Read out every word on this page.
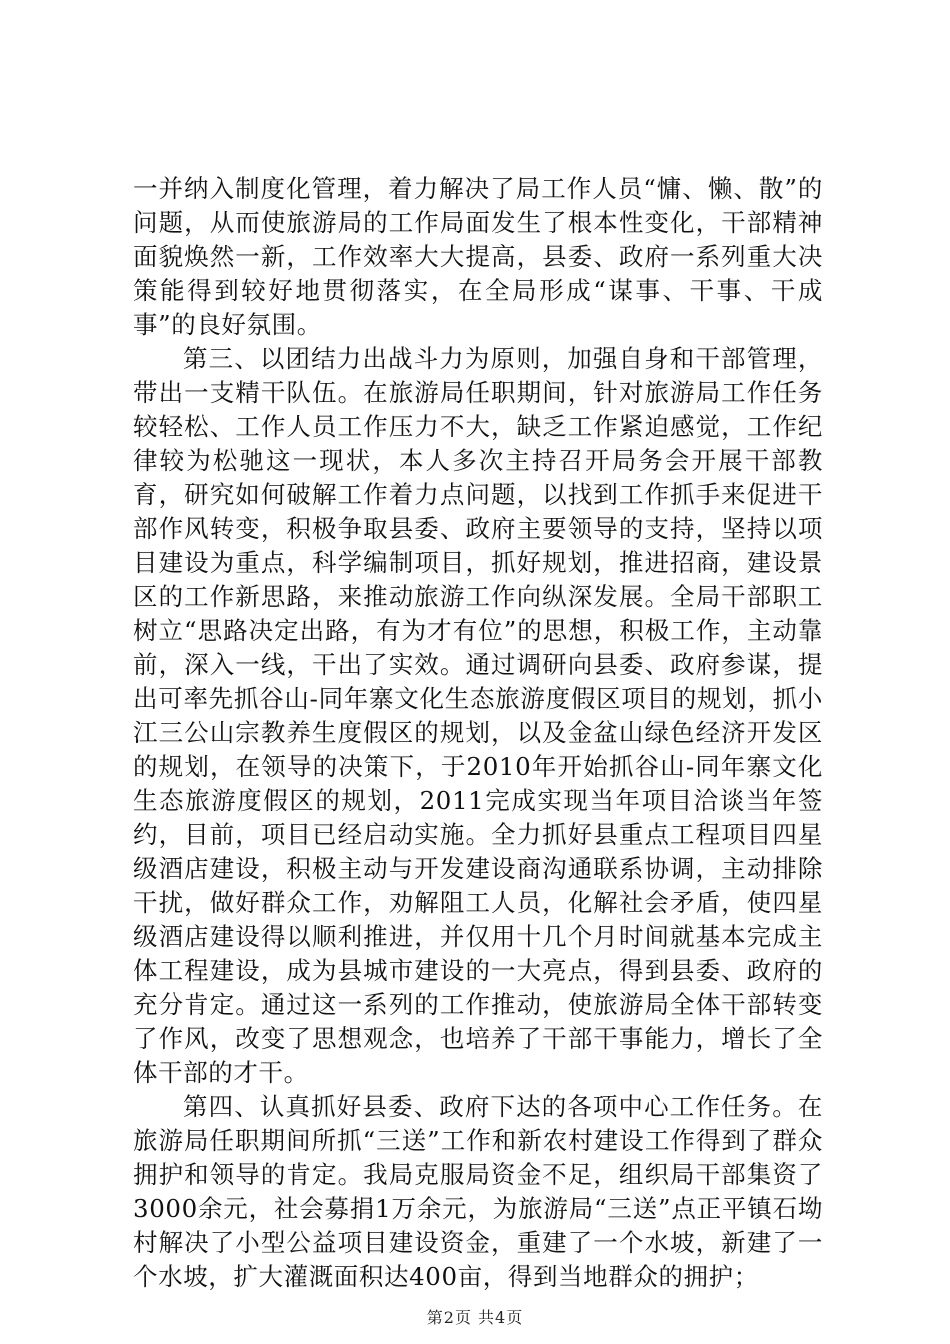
一并纳入制度化管理，着力解决了局工作人员“慵、懒、散”的问题，从而使旅游局的工作局面发生了根本性变化，干部精神面貌焕然一新，工作效率大大提高，县委、政府一系列重大决策能得到较好地贯彻落实，在全局形成“谋事、干事、干成事”的良好氛围。

第三、以团结力出战斗力为原则，加强自身和干部管理，带出一支精干队伍。在旅游局任职期间，针对旅游局工作任务较轻松、工作人员工作压力不大，缺乏工作紧迫感觉，工作纪律较为松驰这一现状，本人多次主持召开局务会开展干部教育，研究如何破解工作着力点问题，以找到工作抓手来促进干部作风转变，积极争取县委、政府主要领导的支持，坚持以项目建设为重点，科学编制项目，抓好规划，推进招商，建设景区的工作新思路，来推动旅游工作向纵深发展。全局干部职工树立“思路决定出路，有为才有位”的思想，积极工作，主动靠前，深入一线，干出了实效。通过调研向县委、政府参谋，提出可率先抓谷山-同年寨文化生态旅游度假区项目的规划，抓小江三公山宗教养生度假区的规划，以及金盆山绿色经济开发区的规划，在领导的决策下，于2010年开始抓谷山-同年寨文化生态旅游度假区的规划，2011完成实现当年项目洽谈当年签约，目前，项目已经启动实施。全力抓好县重点工程项目四星级酒店建设，积极主动与开发建设商沟通联系协调，主动排除干扰，做好群众工作，劝解阻工人员，化解社会矛盾，使四星级酒店建设得以顺利推进，并仅用十几个月时间就基本完成主体工程建设，成为县城市建设的一大亮点，得到县委、政府的充分肯定。通过这一系列的工作推动，使旅游局全体干部转变了作风，改变了思想观念，也培养了干部干事能力，增长了全体干部的才干。

第四、认真抓好县委、政府下达的各项中心工作任务。在旅游局任职期间所抓“三送”工作和新农村建设工作得到了群众拥护和领导的肯定。我局克服局资金不足，组织局干部集资了3000余元，社会募捐1万余元，为旅游局“三送”点正平镇石坳村解决了小型公益项目建设资金，重建了一个水坡，新建了一个水坡，扩大灌溉面积达400亩，得到当地群众的拥护；

第2页 共4页
